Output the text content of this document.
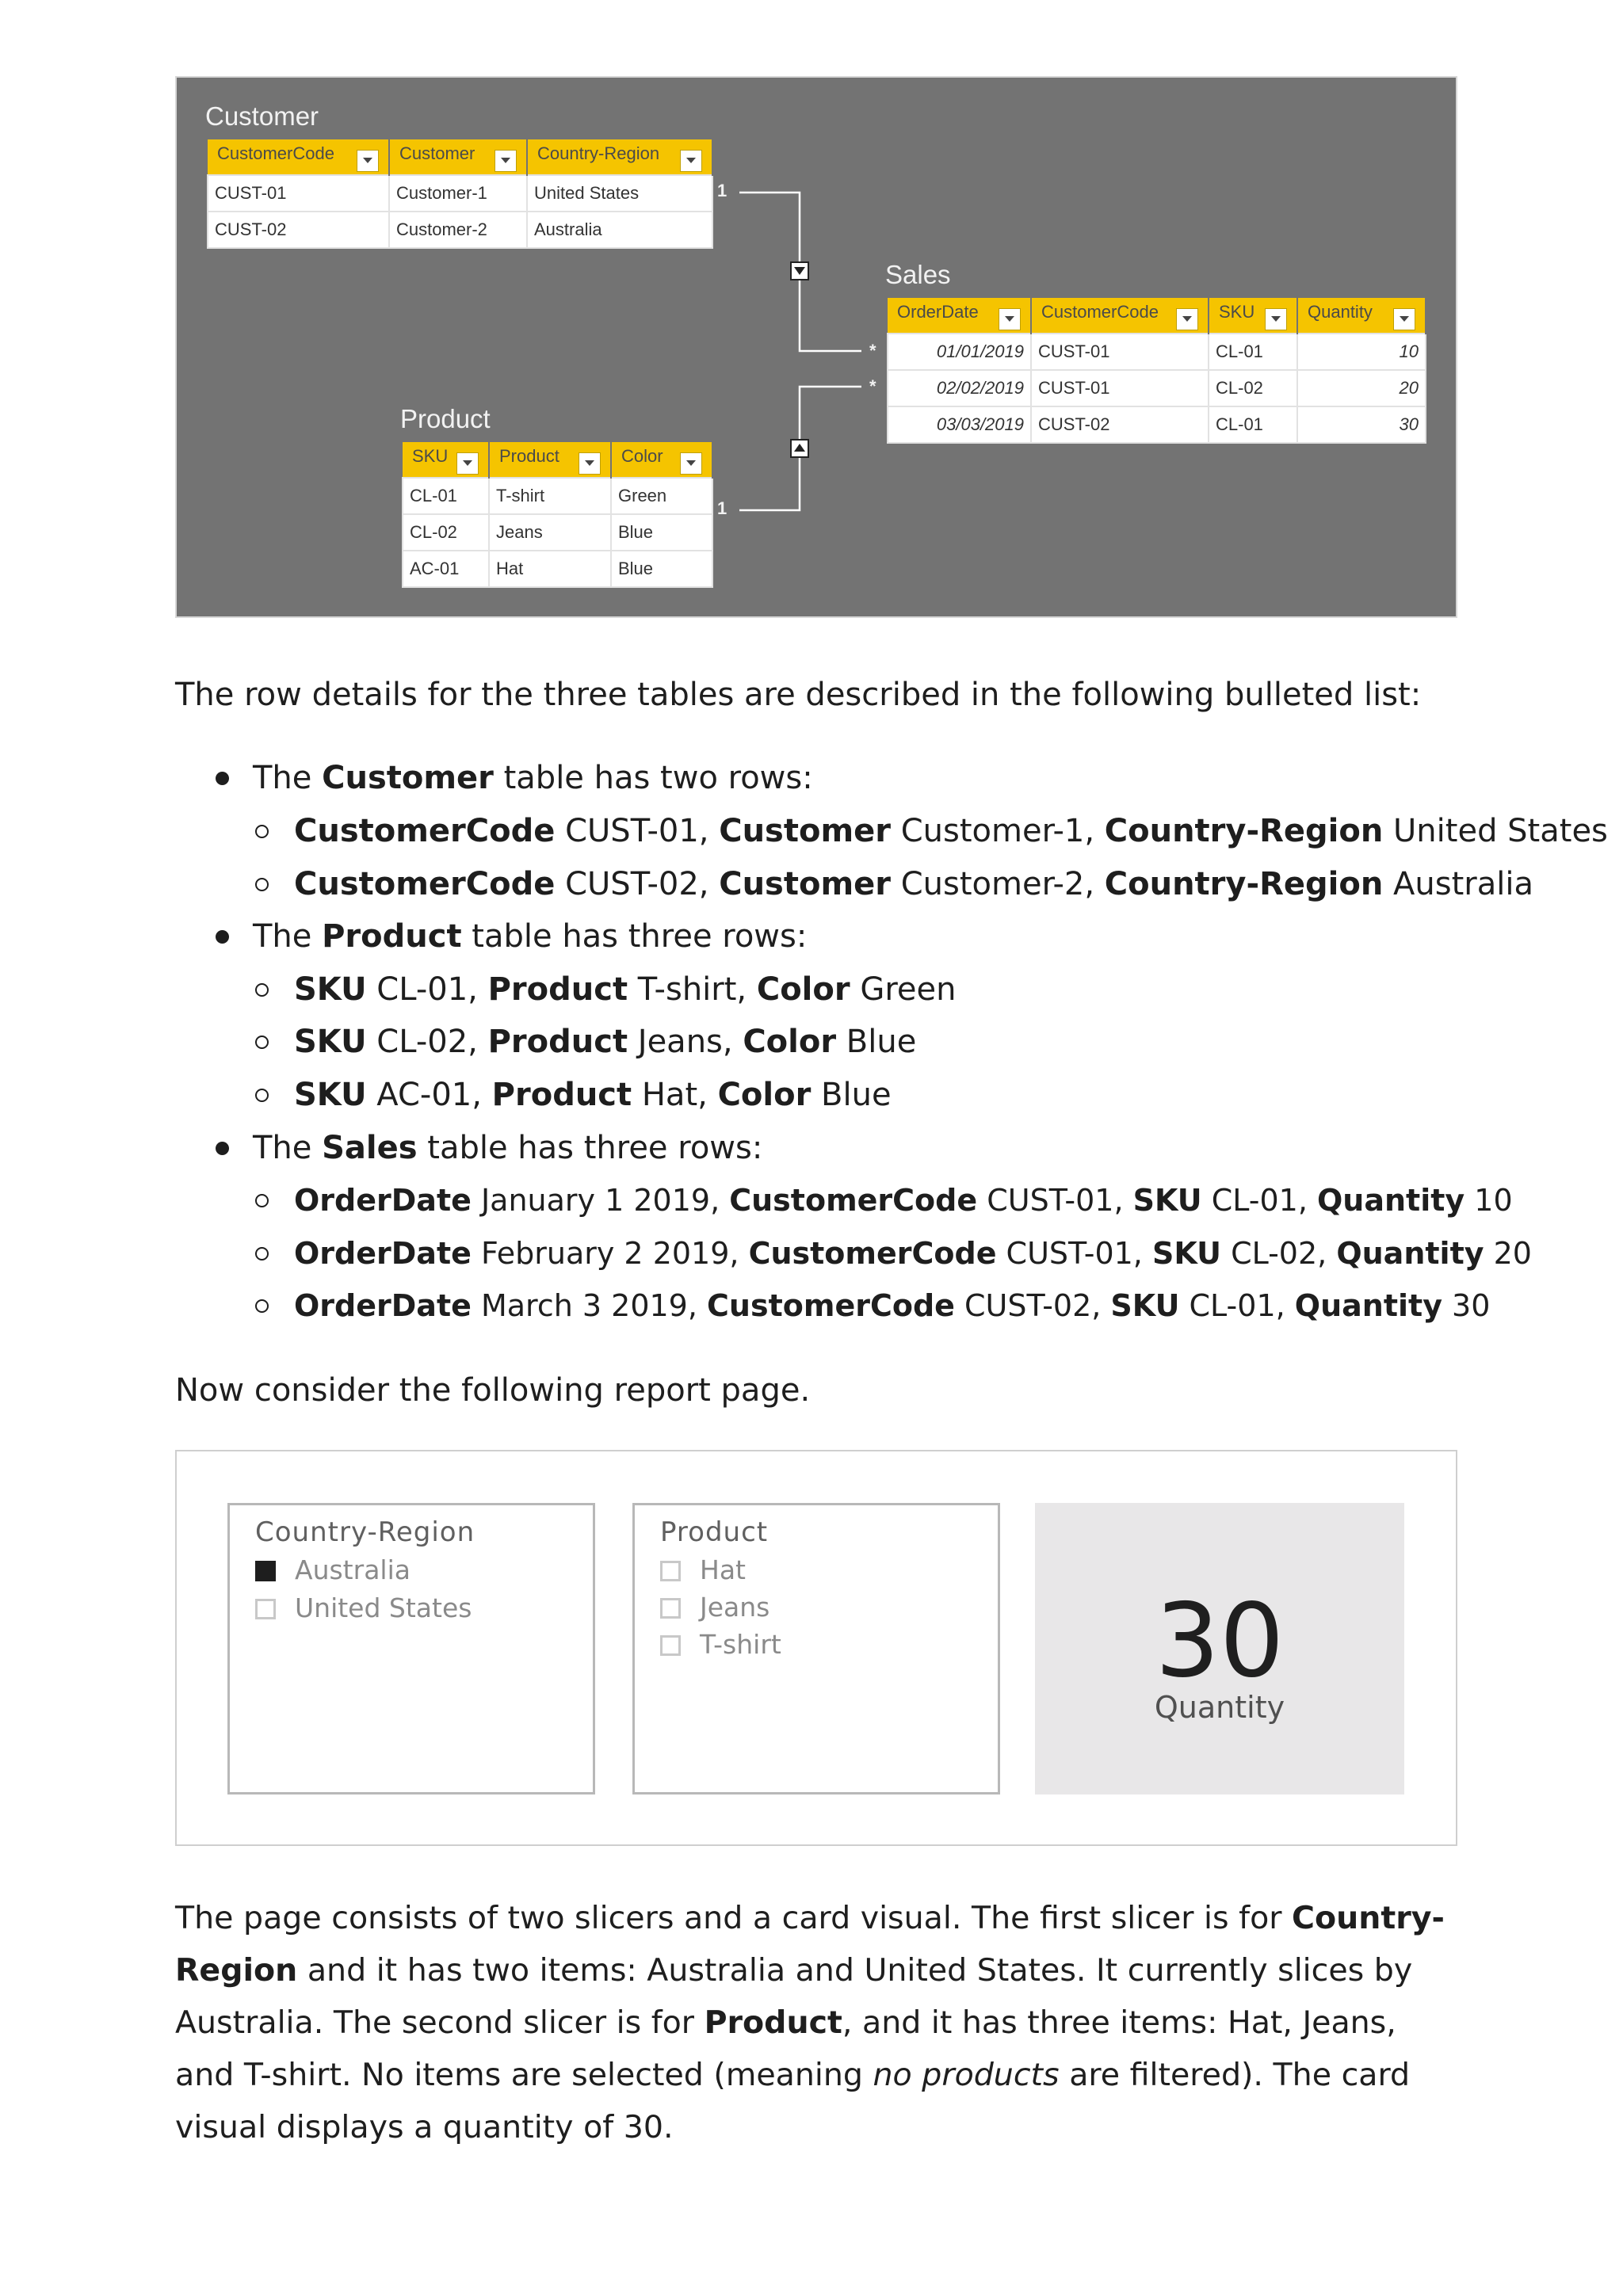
Customer
CustomerCode	Customer	Country-Region

CUST-01	Customer-1	United States
CUST-02	Customer-2	Australia
1
Sales
*
*
OrderDate	CustomerCode	SKU	Quantity

01/01/2019	CUST-01	CL-01	10
02/02/2019	CUST-01	CL-02	20
03/03/2019	CUST-02	CL-01	30
Product
SKU	Product	Color

CL-01	T-shirt	Green
CL-02	Jeans	Blue
AC-01	Hat	Blue
1

The row details for the three tables are described in the following bulleted list:

The Customer table has two rows:
CustomerCode CUST-01, Customer Customer-1, Country-Region United States
CustomerCode CUST-02, Customer Customer-2, Country-Region Australia
The Product table has three rows:
SKU CL-01, Product T-shirt, Color Green
SKU CL-02, Product Jeans, Color Blue
SKU AC-01, Product Hat, Color Blue
The Sales table has three rows:
OrderDate January 1 2019, CustomerCode CUST-01, SKU CL-01, Quantity 10
OrderDate February 2 2019, CustomerCode CUST-01, SKU CL-02, Quantity 20
OrderDate March 3 2019, CustomerCode CUST-02, SKU CL-01, Quantity 30

Now consider the following report page.

Country-Region
Australia
United States
Product
Hat
Jeans
T-shirt	30
Quantity

The page consists of two slicers and a card visual. The first slicer is for Country-Region and it has two items: Australia and United States. It currently slices by Australia. The second slicer is for Product, and it has three items: Hat, Jeans, and T-shirt. No items are selected (meaning no products are filtered). The card visual displays a quantity of 30.
